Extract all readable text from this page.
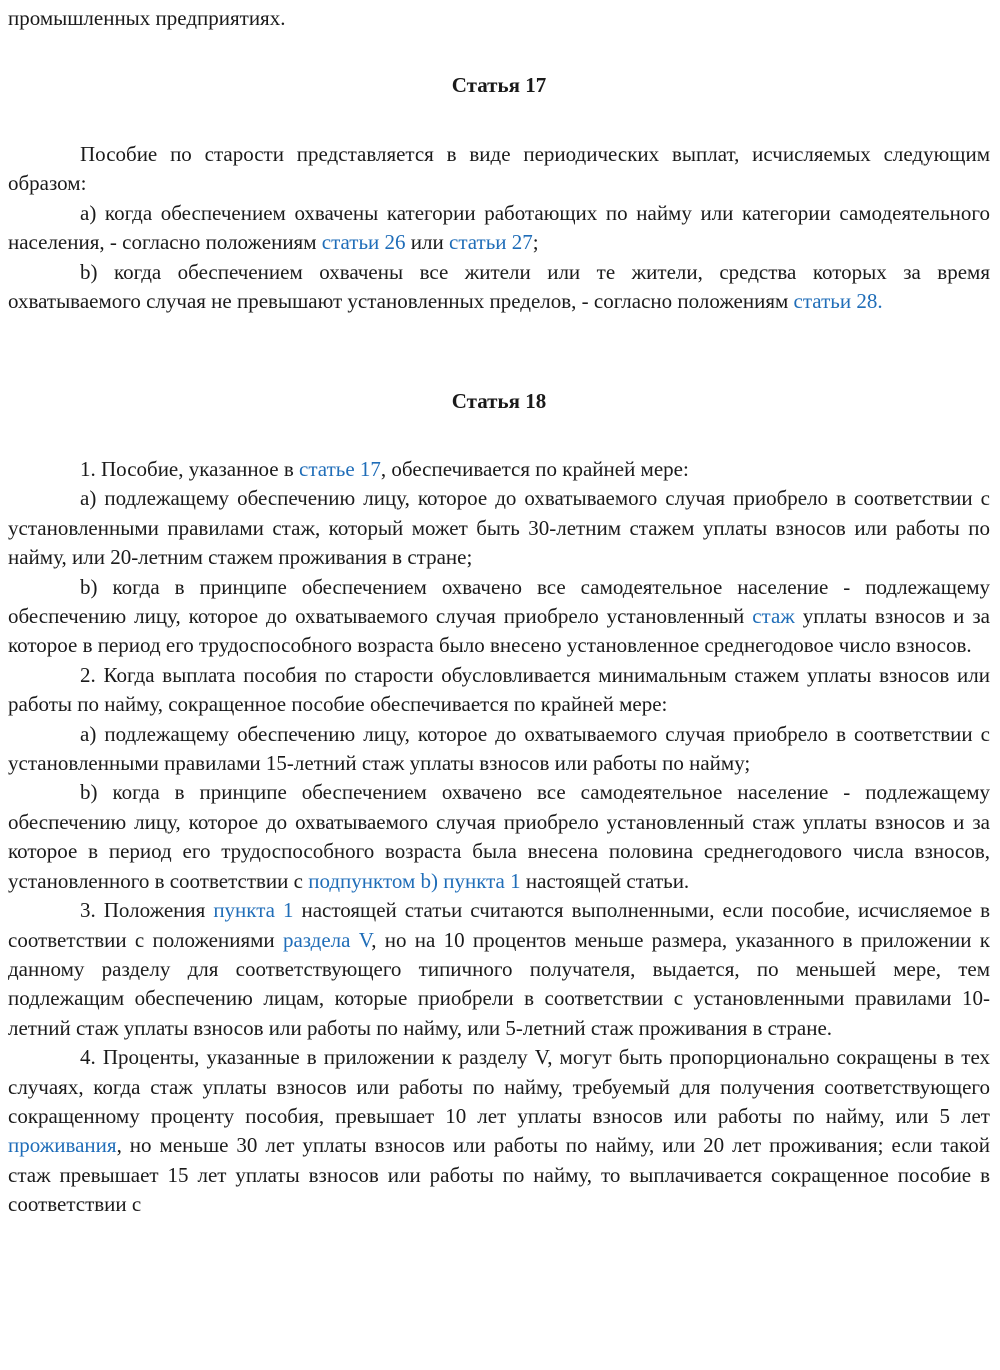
промышленных предприятиях.
Статья 17

Пособие по старости представляется в виде периодических выплат, исчисляемых следующим образом:

а) когда обеспечением охвачены категории работающих по найму или категории самодеятельного населения, - согласно положениям статьи 26 или статьи 27;

b) когда обеспечением охвачены все жители или те жители, средства которых за время охватываемого случая не превышают установленных пределов, - согласно положениям статьи 28.

Статья 18

1. Пособие, указанное в статье 17, обеспечивается по крайней мере:

а) подлежащему обеспечению лицу, которое до охватываемого случая приобрело в соответствии с установленными правилами стаж, который может быть 30-летним стажем уплаты взносов или работы по найму, или 20-летним стажем проживания в стране;

b) когда в принципе обеспечением охвачено все самодеятельное население - подлежащему обеспечению лицу, которое до охватываемого случая приобрело установленный стаж уплаты взносов и за которое в период его трудоспособного возраста было внесено установленное среднегодовое число взносов.

2. Когда выплата пособия по старости обусловливается минимальным стажем уплаты взносов или работы по найму, сокращенное пособие обеспечивается по крайней мере:

а) подлежащему обеспечению лицу, которое до охватываемого случая приобрело в соответствии с установленными правилами 15-летний стаж уплаты взносов или работы по найму;

b) когда в принципе обеспечением охвачено все самодеятельное население - подлежащему обеспечению лицу, которое до охватываемого случая приобрело установленный стаж уплаты взносов и за которое в период его трудоспособного возраста была внесена половина среднегодового числа взносов, установленного в соответствии с подпунктом b) пункта 1 настоящей статьи.

3. Положения пункта 1 настоящей статьи считаются выполненными, если пособие, исчисляемое в соответствии с положениями раздела V, но на 10 процентов меньше размера, указанного в приложении к данному разделу для соответствующего типичного получателя, выдается, по меньшей мере, тем подлежащим обеспечению лицам, которые приобрели в соответствии с установленными правилами 10-летний стаж уплаты взносов или работы по найму, или 5-летний стаж проживания в стране.

4. Проценты, указанные в приложении к разделу V, могут быть пропорционально сокращены в тех случаях, когда стаж уплаты взносов или работы по найму, требуемый для получения соответствующего сокращенному проценту пособия, превышает 10 лет уплаты взносов или работы по найму, или 5 лет проживания, но меньше 30 лет уплаты взносов или работы по найму, или 20 лет проживания; если такой стаж превышает 15 лет уплаты взносов или работы по найму, то выплачивается сокращенное пособие в соответствии с
